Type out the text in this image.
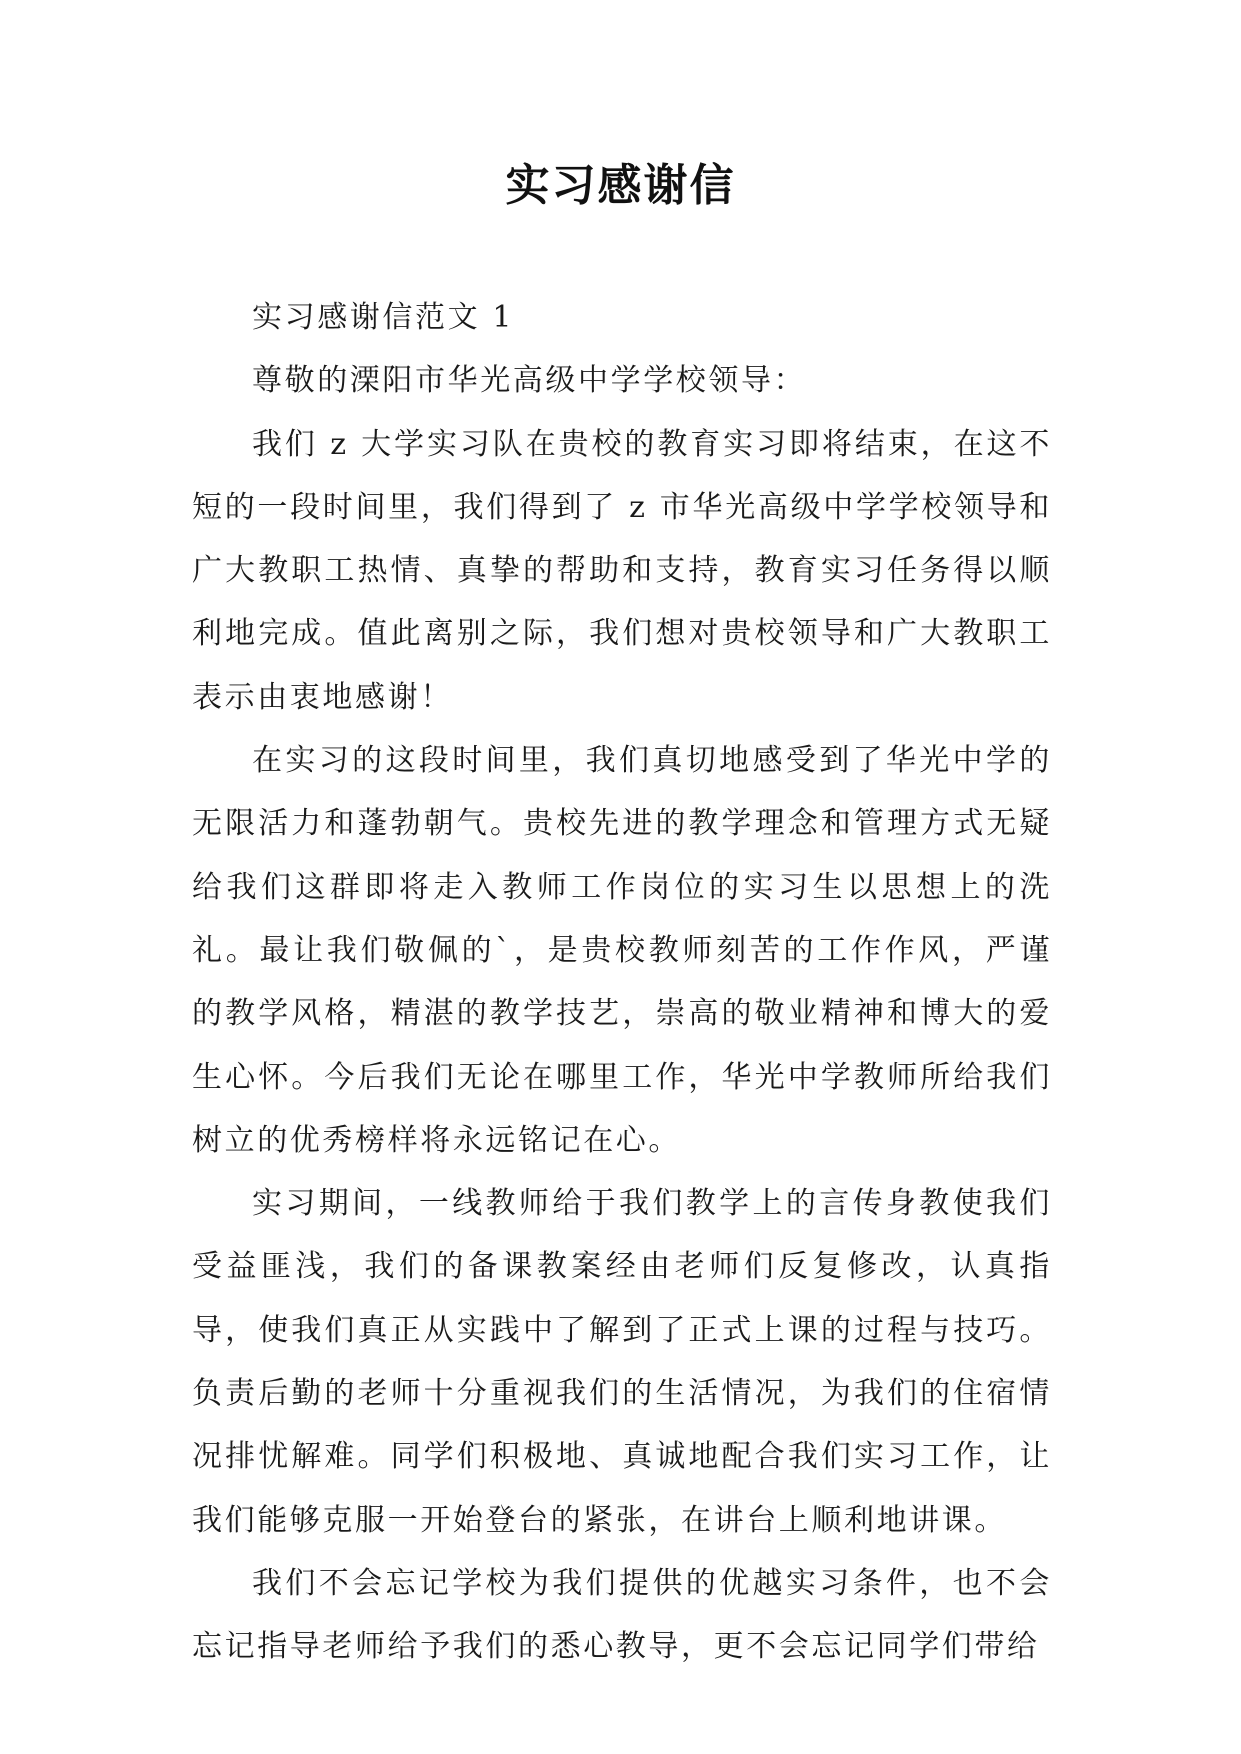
实习感谢信

实习感谢信范文 1

尊敬的溧阳市华光高级中学学校领导：

我们 z 大学实习队在贵校的教育实习即将结束，在这不短的一段时间里，我们得到了 z 市华光高级中学学校领导和广大教职工热情、真挚的帮助和支持，教育实习任务得以顺利地完成。值此离别之际，我们想对贵校领导和广大教职工表示由衷地感谢！

在实习的这段时间里，我们真切地感受到了华光中学的无限活力和蓬勃朝气。贵校先进的教学理念和管理方式无疑给我们这群即将走入教师工作岗位的实习生以思想上的洗礼。最让我们敬佩的`，是贵校教师刻苦的工作作风，严谨的教学风格，精湛的教学技艺，崇高的敬业精神和博大的爱生心怀。今后我们无论在哪里工作，华光中学教师所给我们树立的优秀榜样将永远铭记在心。

实习期间，一线教师给于我们教学上的言传身教使我们受益匪浅，我们的备课教案经由老师们反复修改，认真指导，使我们真正从实践中了解到了正式上课的过程与技巧。负责后勤的老师十分重视我们的生活情况，为我们的住宿情况排忧解难。同学们积极地、真诚地配合我们实习工作，让我们能够克服一开始登台的紧张，在讲台上顺利地讲课。

我们不会忘记学校为我们提供的优越实习条件，也不会忘记指导老师给予我们的悉心教导，更不会忘记同学们带给
